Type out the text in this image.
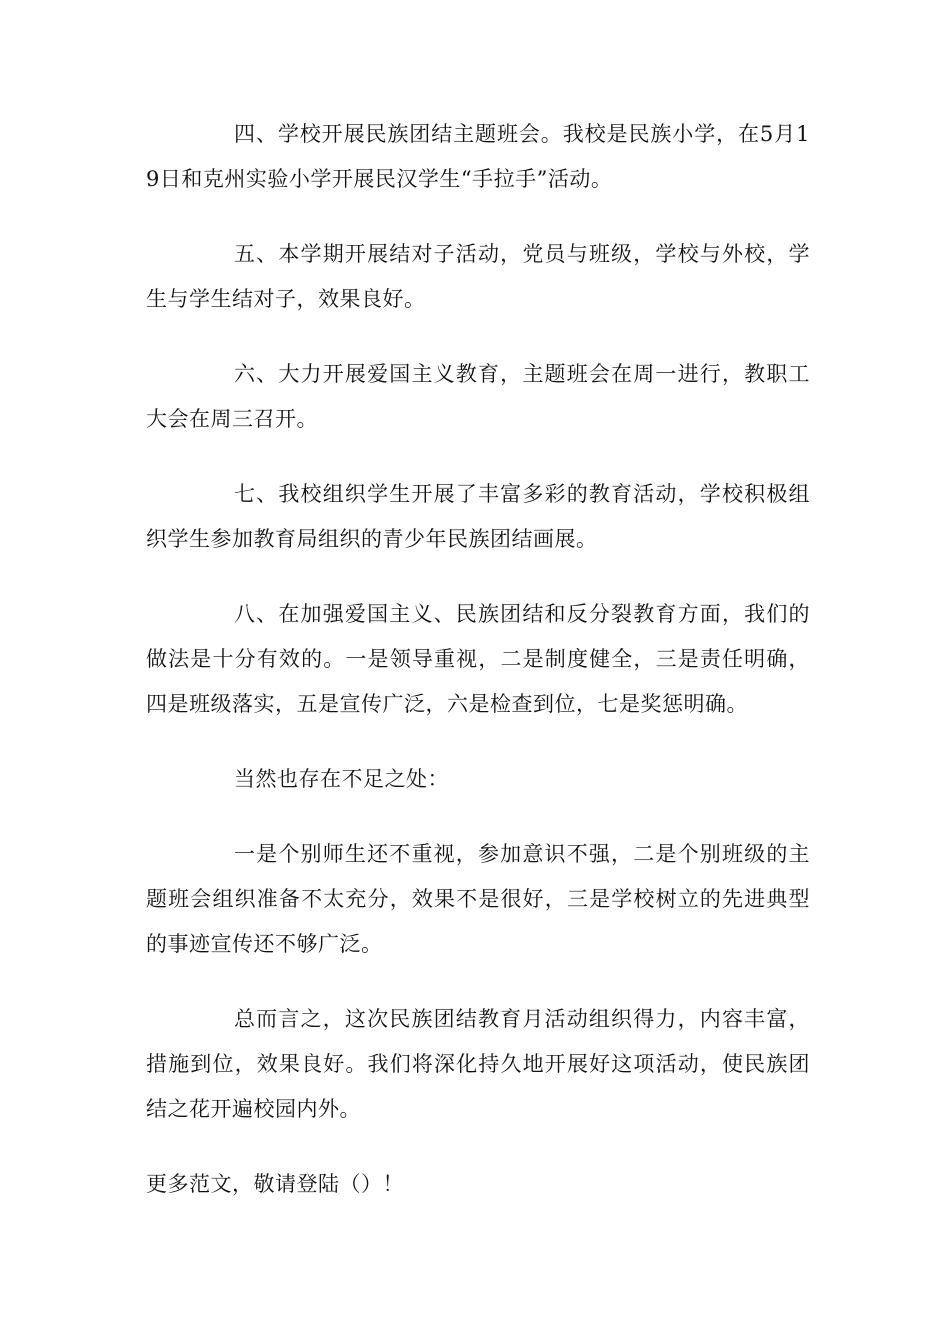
四、学校开展民族团结主题班会。我校是民族小学，在5月19日和克州实验小学开展民汉学生“手拉手”活动。

五、本学期开展结对子活动，党员与班级，学校与外校，学生与学生结对子，效果良好。

六、大力开展爱国主义教育，主题班会在周一进行，教职工大会在周三召开。

七、我校组织学生开展了丰富多彩的教育活动，学校积极组织学生参加教育局组织的青少年民族团结画展。

八、在加强爱国主义、民族团结和反分裂教育方面，我们的做法是十分有效的。一是领导重视，二是制度健全，三是责任明确，四是班级落实，五是宣传广泛，六是检查到位，七是奖惩明确。

当然也存在不足之处：

一是个别师生还不重视，参加意识不强，二是个别班级的主题班会组织准备不太充分，效果不是很好，三是学校树立的先进典型的事迹宣传还不够广泛。

总而言之，这次民族团结教育月活动组织得力，内容丰富，措施到位，效果良好。我们将深化持久地开展好这项活动，使民族团结之花开遍校园内外。

更多范文，敬请登陆（）！
